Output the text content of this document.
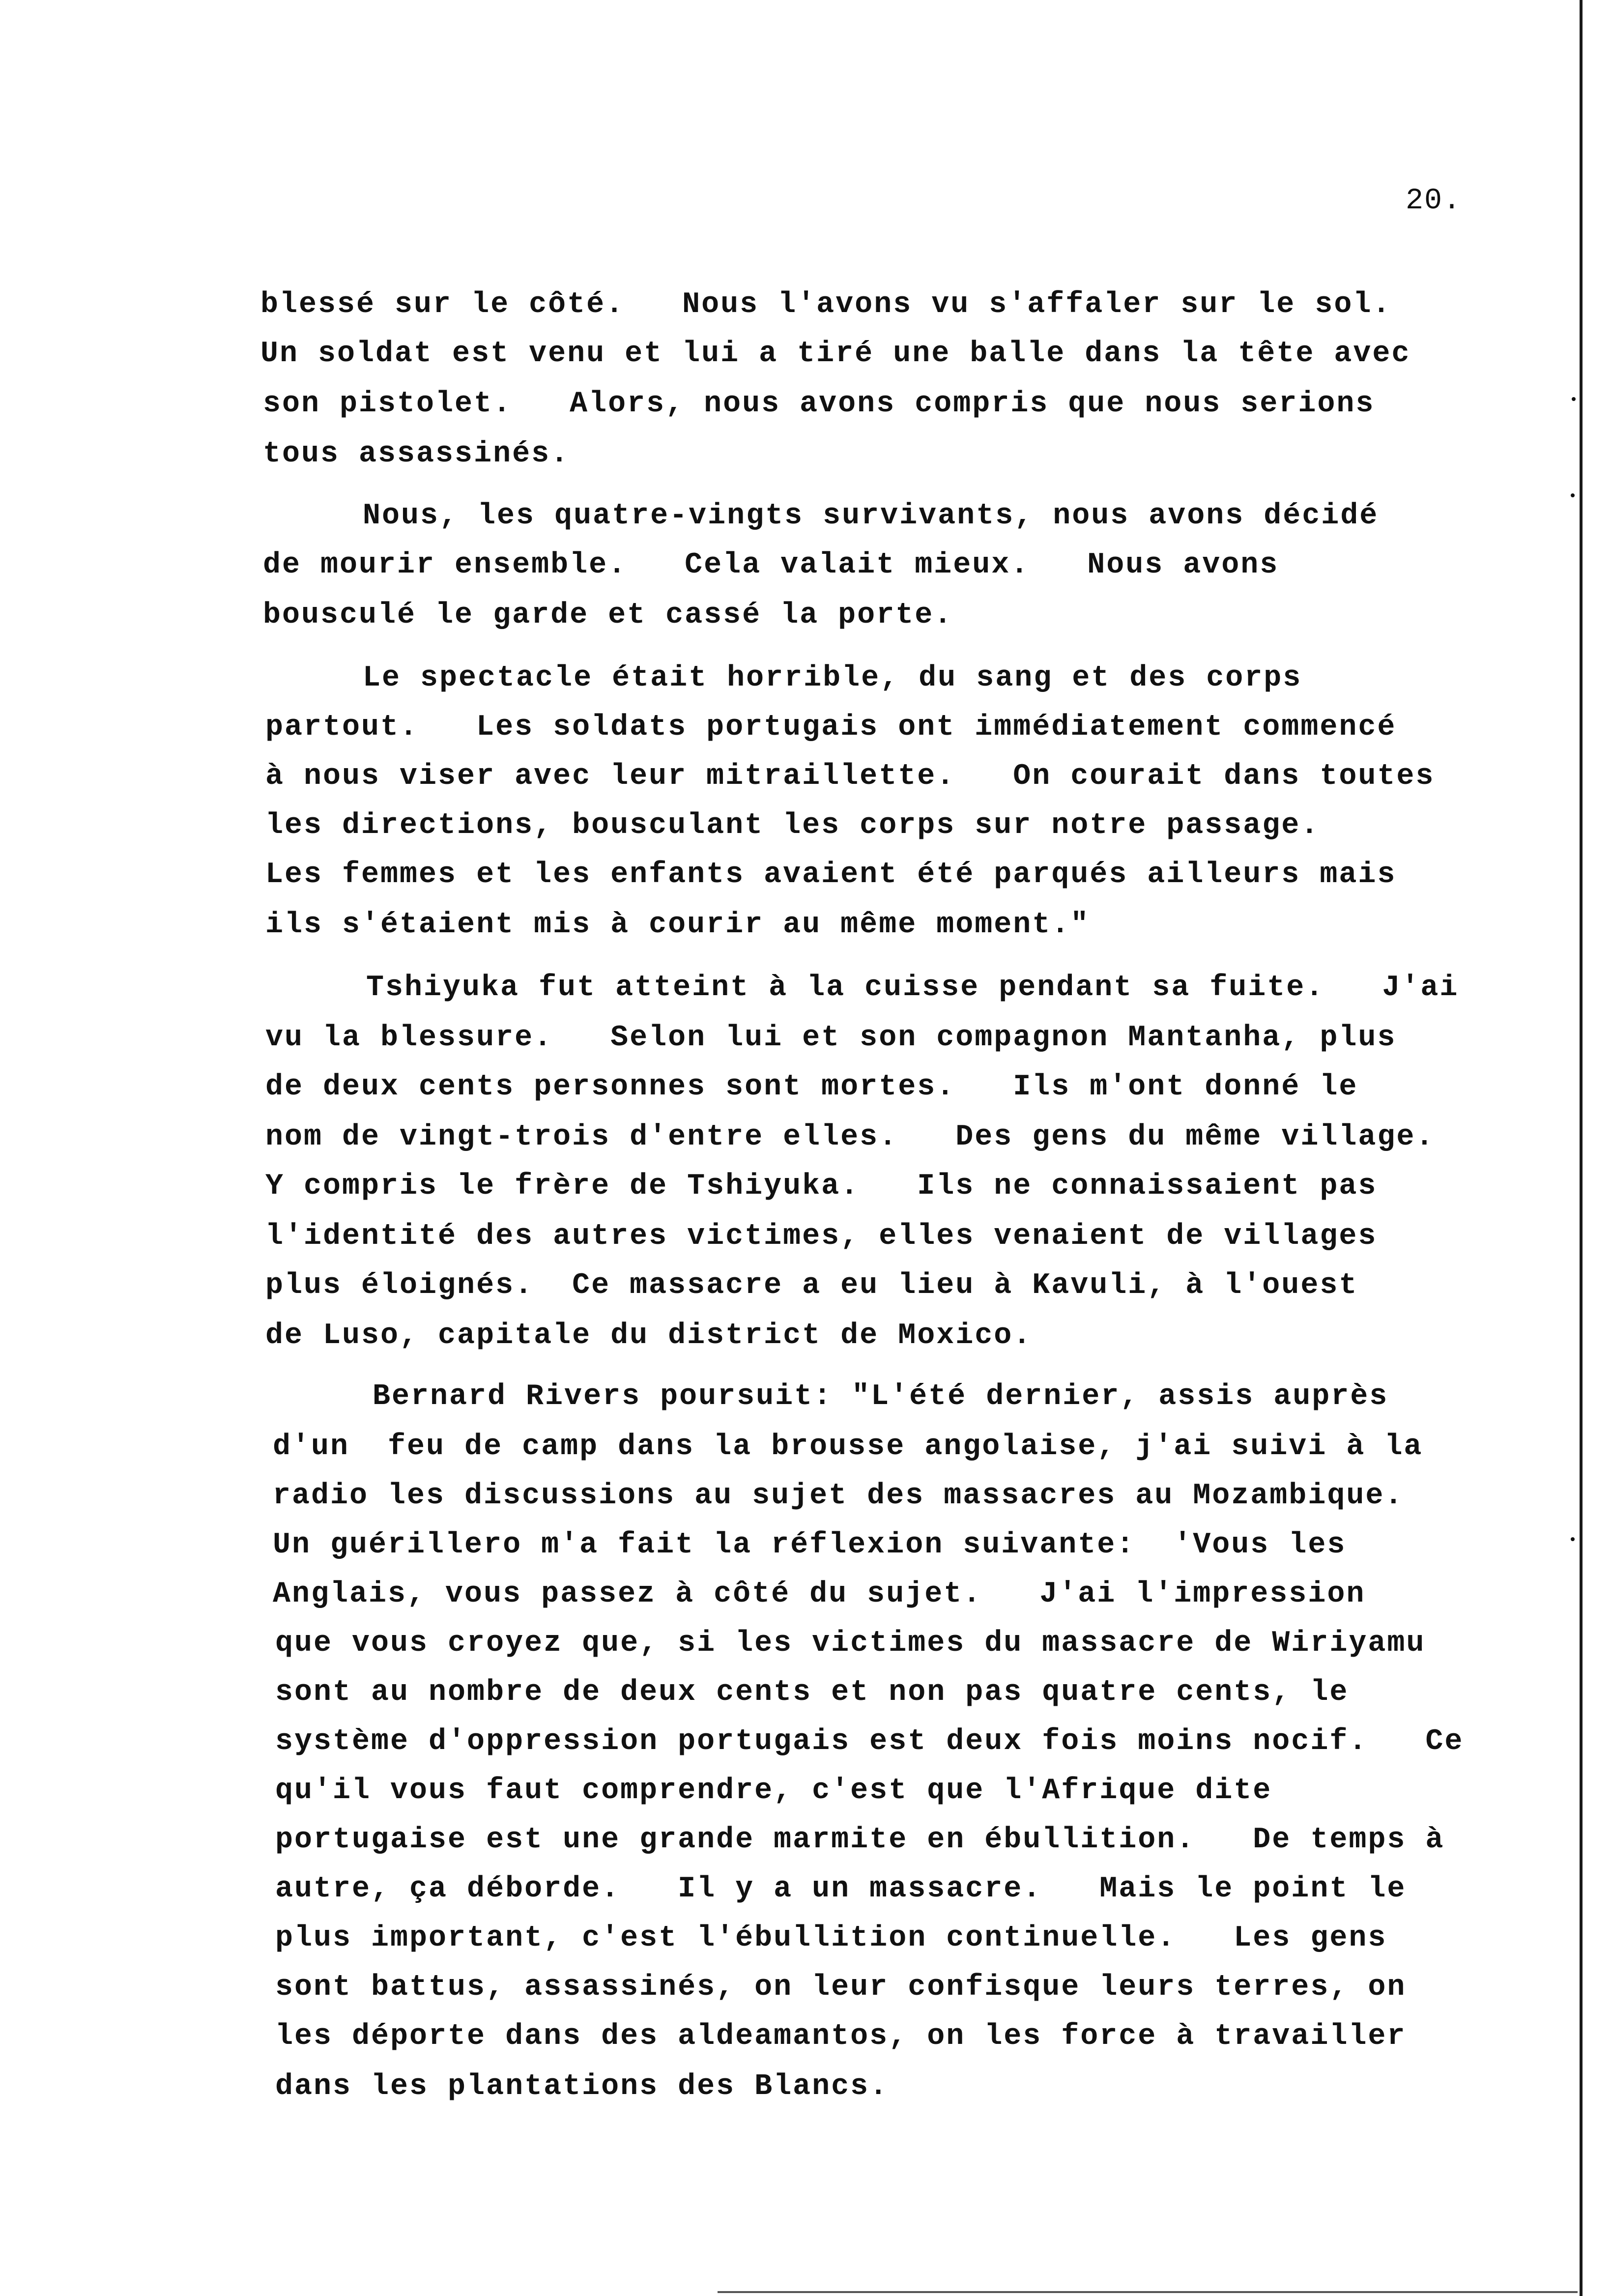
20.
blessé sur le côté.   Nous l'avons vu s'affaler sur le sol.
Un soldat est venu et lui a tiré une balle dans la tête avec
son pistolet.   Alors, nous avons compris que nous serions
tous assassinés.
Nous, les quatre-vingts survivants, nous avons décidé
de mourir ensemble.   Cela valait mieux.   Nous avons
bousculé le garde et cassé la porte.
Le spectacle était horrible, du sang et des corps
partout.   Les soldats portugais ont immédiatement commencé
à nous viser avec leur mitraillette.   On courait dans toutes
les directions, bousculant les corps sur notre passage.
Les femmes et les enfants avaient été parqués ailleurs mais
ils s'étaient mis à courir au même moment."
Tshiyuka fut atteint à la cuisse pendant sa fuite.   J'ai
vu la blessure.   Selon lui et son compagnon Mantanha, plus
de deux cents personnes sont mortes.   Ils m'ont donné le
nom de vingt-trois d'entre elles.   Des gens du même village.
Y compris le frère de Tshiyuka.   Ils ne connaissaient pas
l'identité des autres victimes, elles venaient de villages
plus éloignés.  Ce massacre a eu lieu à Kavuli, à l'ouest
de Luso, capitale du district de Moxico.
Bernard Rivers poursuit: "L'été dernier, assis auprès
d'un  feu de camp dans la brousse angolaise, j'ai suivi à la
radio les discussions au sujet des massacres au Mozambique.
Un guérillero m'a fait la réflexion suivante:  'Vous les
Anglais, vous passez à côté du sujet.   J'ai l'impression
que vous croyez que, si les victimes du massacre de Wiriyamu
sont au nombre de deux cents et non pas quatre cents, le
système d'oppression portugais est deux fois moins nocif.   Ce
qu'il vous faut comprendre, c'est que l'Afrique dite
portugaise est une grande marmite en ébullition.   De temps à
autre, ça déborde.   Il y a un massacre.   Mais le point le
plus important, c'est l'ébullition continuelle.   Les gens
sont battus, assassinés, on leur confisque leurs terres, on
les déporte dans des aldeamantos, on les force à travailler
dans les plantations des Blancs.
